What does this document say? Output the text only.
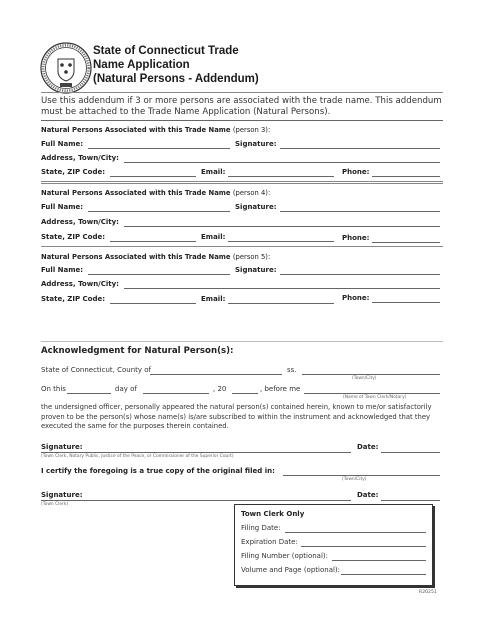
State of Connecticut Trade
Name Application
(Natural Persons - Addendum)
Use this addendum if 3 or more persons are associated with the trade name. This addendum must be attached to the Trade Name Application (Natural Persons).
Natural Persons Associated with this Trade Name (person 3):
Full Name:	Signature:
Address, Town/City:
State, ZIP Code:	Email:	Phone:
Natural Persons Associated with this Trade Name (person 4):
Full Name:	Signature:
Address, Town/City:
State, ZIP Code:	Email:	Phone:
Natural Persons Associated with this Trade Name (person 5):
Full Name:	Signature:
Address, Town/City:
State, ZIP Code:	Email:	Phone:
Acknowledgment for Natural Person(s):
State of Connecticut, County of	ss.
(Town/City)
On this	day of	, 20	, before me
(Name of Town Clerk/Notary)
the undersigned officer, personally appeared the natural person(s) contained herein, known to me/or satisfactorily proven to be the person(s) whose name(s) is/are subscribed to within the instrument and acknowledged that they executed the same for the purposes therein contained.
Signature:	Date:
(Town Clerk, Notary Public, Justice of the Peace, or Commissioner of the Superior Court)
I certify the foregoing is a true copy of the original filed in:
(Town/City)
Signature:	Date:
(Town Clerk)
Town Clerk Only
Filing Date:
Expiration Date:
Filing Number (optional):
Volume and Page (optional):
R20251
